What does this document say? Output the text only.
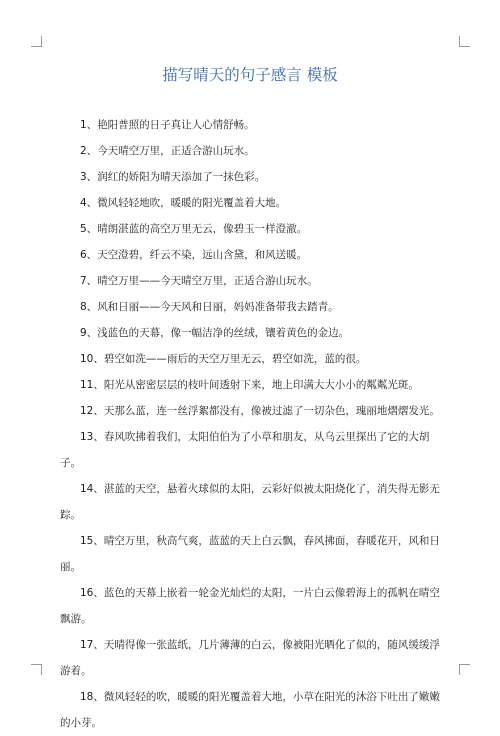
描写晴天的句子感言 模板

1、艳阳普照的日子真让人心情舒畅。

2、今天晴空万里，正适合游山玩水。

3、润红的娇阳为晴天添加了一抹色彩。

4、微风轻轻地吹，暖暖的阳光覆盖着大地。

5、晴朗湛蓝的高空万里无云，像碧玉一样澄澈。

6、天空澄碧，纤云不染，远山含黛，和风送暖。

7、晴空万里——今天晴空万里，正适合游山玩水。

8、风和日丽——今天风和日丽，妈妈准备带我去踏青。

9、浅蓝色的天幕，像一幅洁净的丝绒，镶着黄色的金边。

10、碧空如洗——雨后的天空万里无云，碧空如洗，蓝的很。

11、阳光从密密层层的枝叶间透射下来，地上印满大大小小的粼粼光斑。

12、天那么蓝，连一丝浮絮都没有，像被过滤了一切杂色，瑰丽地熠熠发光。

13、春风吹拂着我们，太阳伯伯为了小草和朋友，从乌云里探出了它的大胡子。

14、湛蓝的天空，悬着火球似的太阳，云彩好似被太阳烧化了，消失得无影无踪。

15、晴空万里，秋高气爽，蓝蓝的天上白云飘，春风拂面，春暖花开，风和日丽。

16、蓝色的天幕上嵌着一轮金光灿烂的太阳，一片白云像碧海上的孤帆在晴空飘游。

17、天晴得像一张蓝纸，几片薄薄的白云，像被阳光晒化了似的，随风缓缓浮游着。

18、微风轻轻的吹，暖暖的阳光覆盖着大地，小草在阳光的沐浴下吐出了嫩嫩的小芽。
